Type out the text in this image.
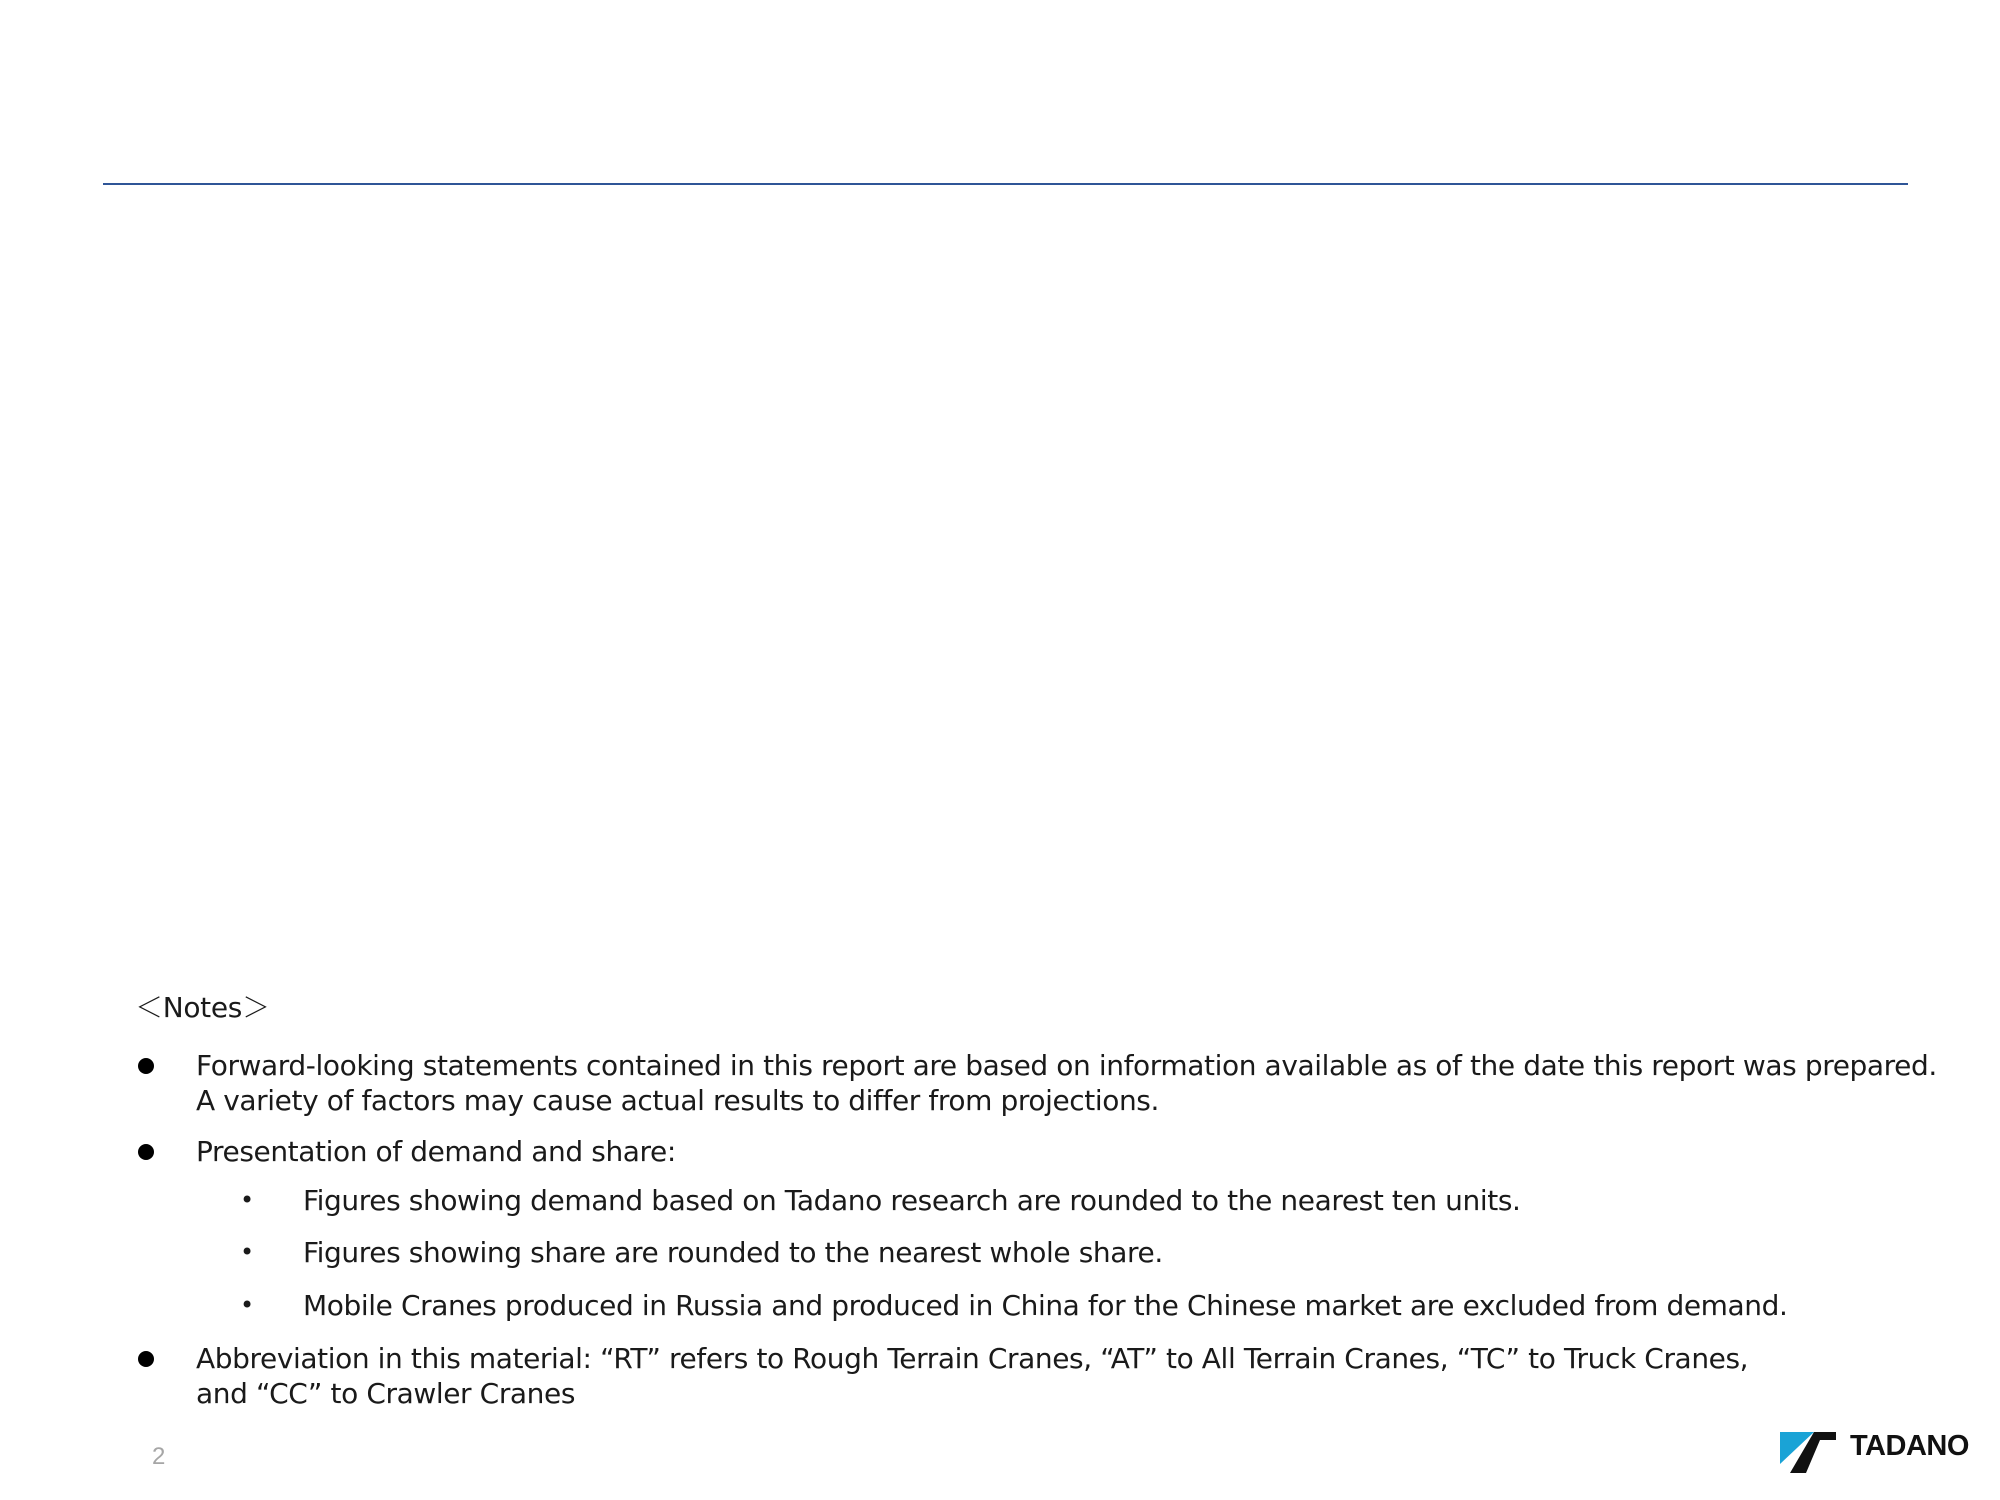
＜Notes＞
Forward-looking statements contained in this report are based on information available as of the date this report was prepared.
A variety of factors may cause actual results to differ from projections.
Presentation of demand and share:
• Figures showing demand based on Tadano research are rounded to the nearest ten units.
• Figures showing share are rounded to the nearest whole share.
• Mobile Cranes produced in Russia and produced in China for the Chinese market are excluded from demand.
Abbreviation in this material: “RT” refers to Rough Terrain Cranes, “AT” to All Terrain Cranes, “TC” to Truck Cranes,
and “CC” to Crawler Cranes
2	TADANO
